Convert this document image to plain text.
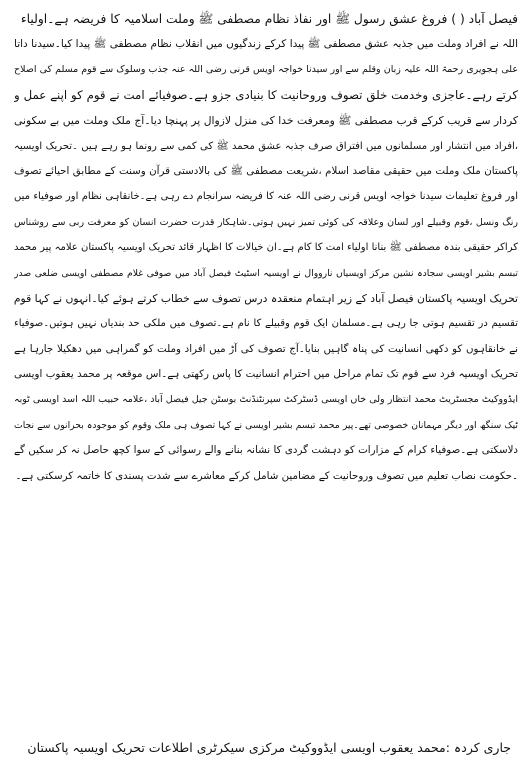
فیصل آباد ( ) فروغ عشق رسول ﷺ اور نفاذ نظام مصطفی ﷺ وملت اسلامیہ کا فریضہ ہے۔اولیاء
اللہ نے افراد وملت میں جذبہ عشق مصطفی ﷺ پیدا کرکے زندگیوں میں انقلاب نظام مصطفی ﷺ پیدا کیا۔سیدنا داتا
علی ہجویری رحمۃ اللہ علیہ زبان وقلم سے اور سیدنا خواجہ اویس قرنی رضی اللہ عنہ جذب وسلوک سے قوم مسلم کی اصلاح
کرتے رہے۔عاجزی وخدمت خلق تصوف وروحانیت کا بنیادی جزو ہے۔صوفیائے امت نے قوم کو اپنے عمل و
کردار سے قریب کرکے قرب مصطفی ﷺ ومعرفت خدا کی منزل لازوال پر پہنچا دیا۔آج ملک وملت میں بے سکونی
،افراد میں انتشار اور مسلمانوں میں افتراق صرف جذبہ عشق محمد ﷺ کی کمی سے رونما ہو رہے ہیں ۔تحریک اویسیہ
پاکستان ملک وملت میں حقیقی مقاصد اسلام ،شریعت مصطفی ﷺ کی بالادستی قرآن وسنت کے مطابق احیائے تصوف
اور فروغ تعلیمات سیدنا خواجہ اویس قرنی رضی اللہ عنہ کا فریضہ سرانجام دے رہی ہے۔خانقاہی نظام اور صوفیاء میں
رنگ ونسل ،قوم وقبیلے اور لسان وعلاقہ کی کوئی تمیز نہیں ہوتی۔شاہکار قدرت حضرت انسان کو معرفت ربی سے روشناس
کراکر حقیقی بندہ مصطفی ﷺ بنانا اولیاء امت کا کام ہے۔ان خیالات کا اظہار قائد تحریک اویسیہ پاکستان علامہ پیر محمد
تبسم بشیر اویسی سجادہ نشین مرکز اویسیاں نارووال نے اویسیہ اسٹیٹ فیصل آباد میں صوفی غلام مصطفی اویسی ضلعی صدر
تحریک اویسیہ پاکستان فیصل آباد کے زیر اہتمام منعقدہ درس تصوف سے خطاب کرتے ہوئے کیا۔انہوں نے کہا قوم
تقسیم در تقسیم ہوتی جا رہی ہے۔مسلمان ایک قوم وقبیلے کا نام ہے۔تصوف میں ملکی حد بندیاں نہیں ہوتیں۔صوفیاء
نے خانقاہوں کو دکھی انسانیت کی پناہ گاہیں بنایا۔آج تصوف کی آڑ میں افراد وملت کو گمراہی میں دھکیلا جارہا ہے
تحریک اویسیہ فرد سے قوم تک تمام مراحل میں احترام انسانیت کا پاس رکھتی ہے۔اس موقعہ پر محمد یعقوب اویسی
ایڈووکیٹ مجسٹریٹ محمد انتظار ولی خاں اویسی ڈسٹرکٹ سپرنٹنڈنٹ بوسٹن جیل فیصل آباد ،علامہ حبیب اللہ اسد اویسی ٹوبہ
ٹیک سنگھ اور دیگر مہمانان خصوصی تھے۔پیر محمد تبسم بشیر اویسی نے کہا تصوف ہی ملک وقوم کو موجودہ بحرانوں سے نجات
دلاسکتی ہے۔صوفیاء کرام کے مزارات کو دہشت گردی کا نشانہ بنانے والے رسوائی کے سوا کچھ حاصل نہ کر سکیں گے
۔حکومت نصاب تعلیم میں تصوف وروحانیت کے مضامین شامل کرکے معاشرے سے شدت پسندی کا خاتمہ کرسکتی ہے۔
جاری کردہ :محمد یعقوب اویسی ایڈووکیٹ مرکزی سیکرٹری اطلاعات تحریک اویسیہ پاکستان
